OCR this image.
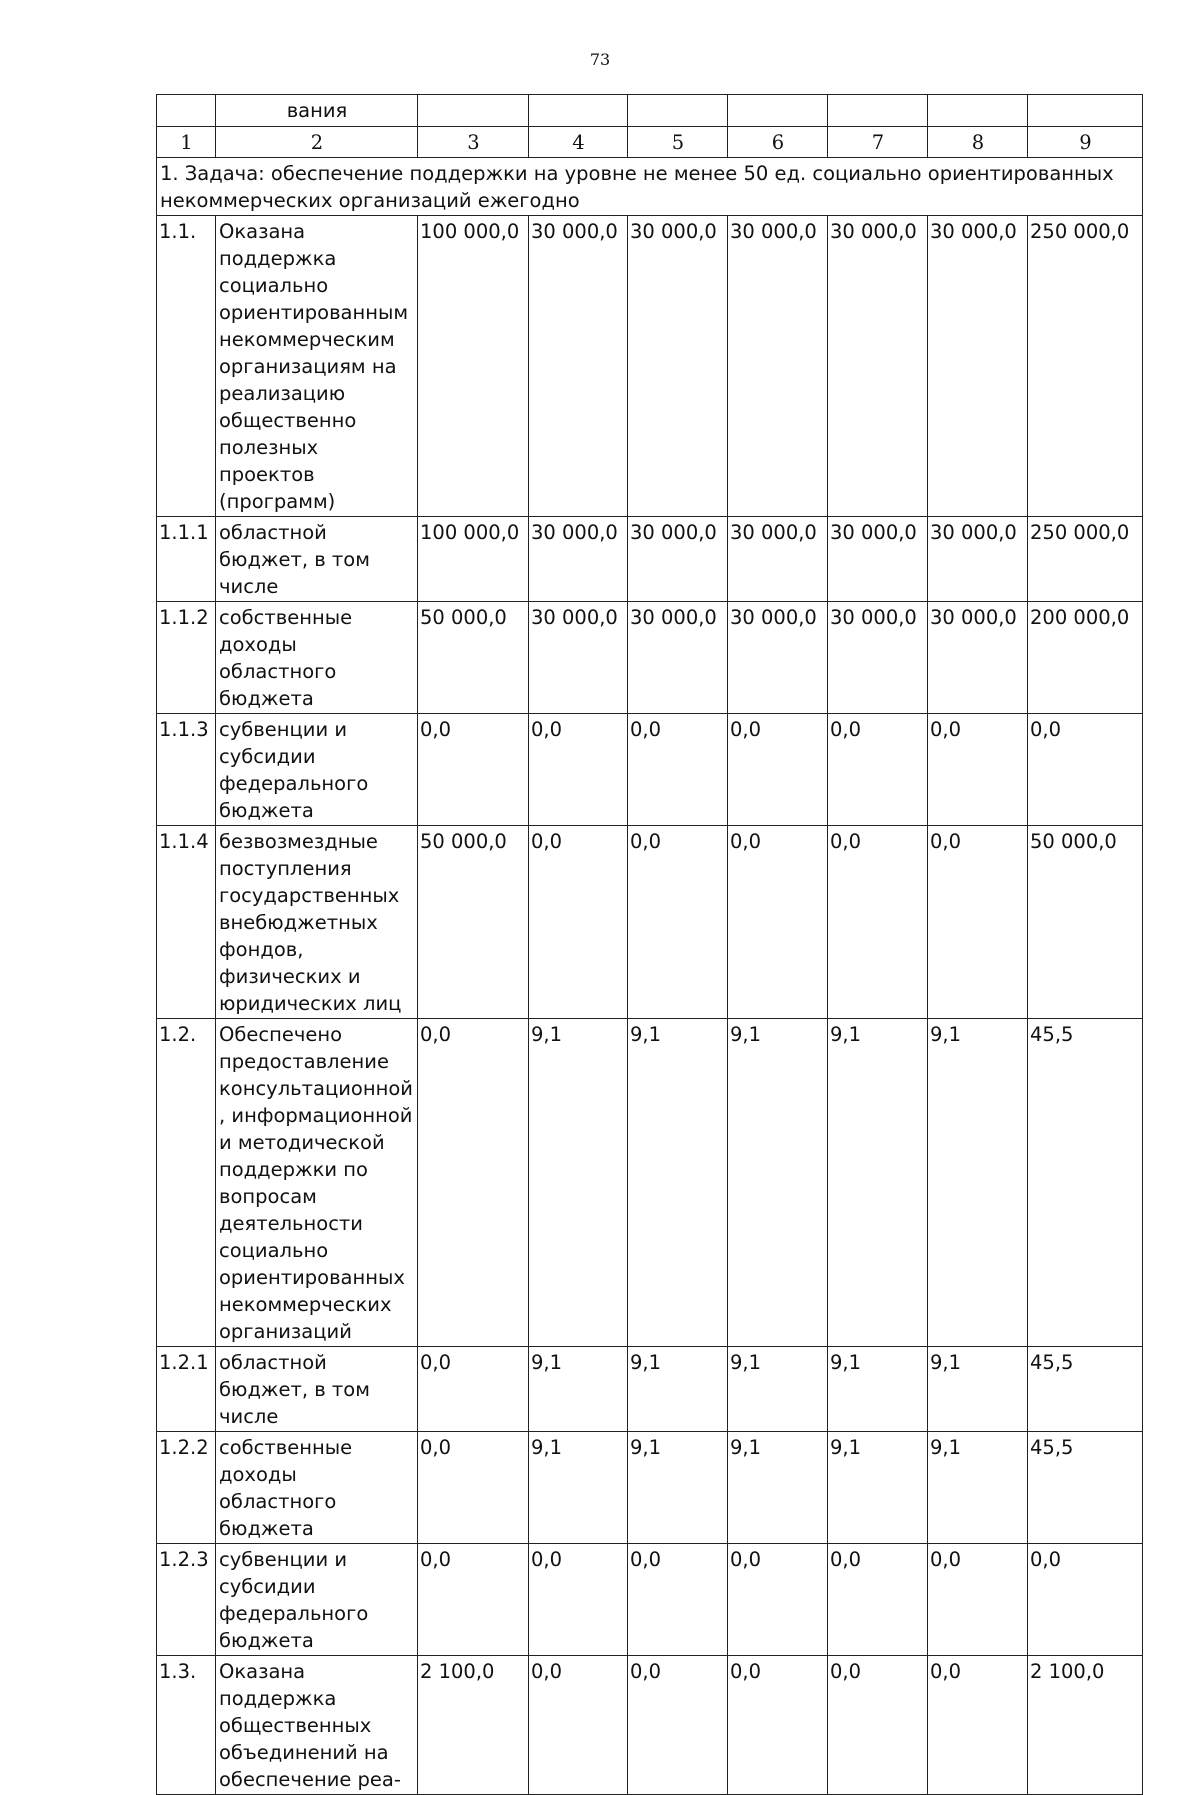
73
	вания							
1	2	3	4	5	6	7	8	9
1. Задача: обеспечение поддержки на уровне не менее 50 ед. социально ориентированных некоммерческих организаций ежегодно								
1.1.	Оказана поддержка социально ориентированным некоммерческим организациям на реализацию общественно полезных проектов (программ)	100 000,0	30 000,0	30 000,0	30 000,0	30 000,0	30 000,0	250 000,0
1.1.1	областной бюджет, в том числе	100 000,0	30 000,0	30 000,0	30 000,0	30 000,0	30 000,0	250 000,0
1.1.2	собственные доходы областного бюджета	50 000,0	30 000,0	30 000,0	30 000,0	30 000,0	30 000,0	200 000,0
1.1.3	субвенции и субсидии федерального бюджета	0,0	0,0	0,0	0,0	0,0	0,0	0,0
1.1.4	безвозмездные поступления государственных внебюджетных фондов, физических и юридических лиц	50 000,0	0,0	0,0	0,0	0,0	0,0	50 000,0
1.2.	Обеспечено предоставление консультационной, информационной и методической поддержки по вопросам деятельности социально ориентированных некоммерческих организаций	0,0	9,1	9,1	9,1	9,1	9,1	45,5
1.2.1	областной бюджет, в том числе	0,0	9,1	9,1	9,1	9,1	9,1	45,5
1.2.2	собственные доходы областного бюджета	0,0	9,1	9,1	9,1	9,1	9,1	45,5
1.2.3	субвенции и субсидии федерального бюджета	0,0	0,0	0,0	0,0	0,0	0,0	0,0
1.3.	Оказана поддержка общественных объединений на обеспечение реа-	2 100,0	0,0	0,0	0,0	0,0	0,0	2 100,0
